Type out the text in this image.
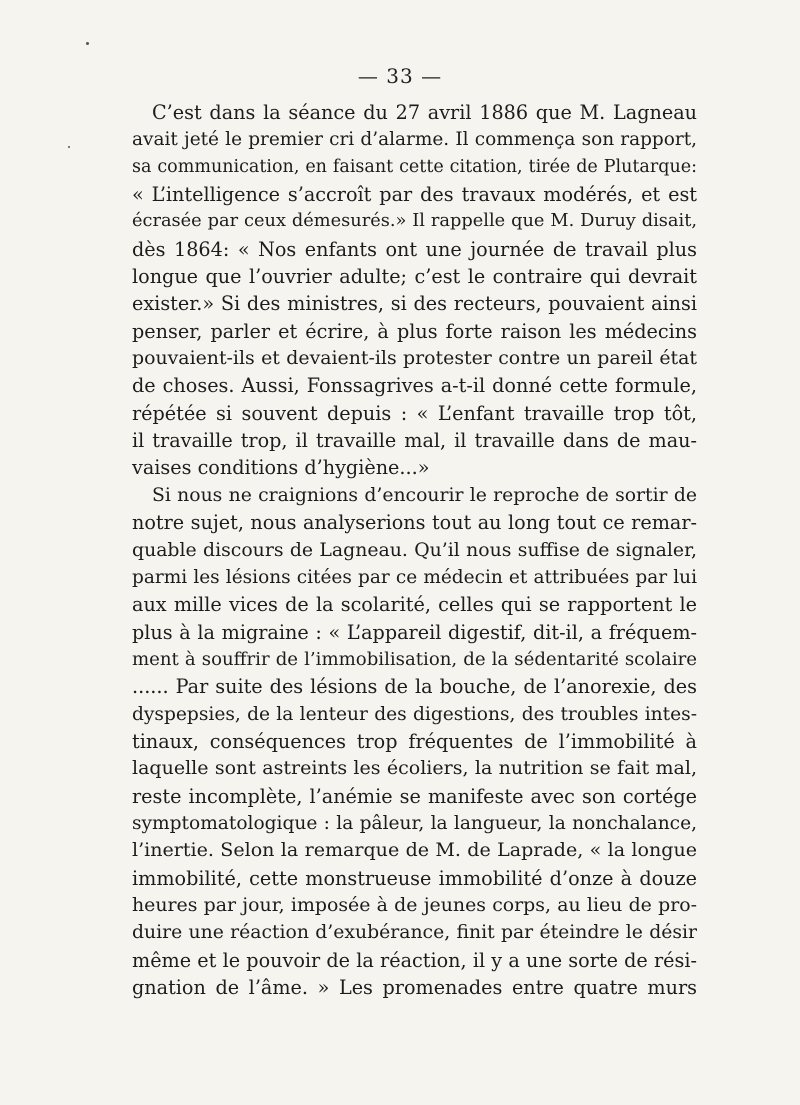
— 33 —
C’est dans la séance du 27 avril 1886 que M. Lagneau
avait jeté le premier cri d’alarme. Il commença son rapport,
sa communication, en faisant cette citation, tirée de Plutarque:
« L’intelligence s’accroît par des travaux modérés, et est
écrasée par ceux démesurés.» Il rappelle que M. Duruy disait,
dès 1864: « Nos enfants ont une journée de travail plus
longue que l’ouvrier adulte; c’est le contraire qui devrait
exister.» Si des ministres, si des recteurs, pouvaient ainsi
penser, parler et écrire, à plus forte raison les médecins
pouvaient-ils et devaient-ils protester contre un pareil état
de choses. Aussi, Fonssagrives a-t-il donné cette formule,
répétée si souvent depuis : « L’enfant travaille trop tôt,
il travaille trop, il travaille mal, il travaille dans de mau-
vaises conditions d’hygiène...»
Si nous ne craignions d’encourir le reproche de sortir de
notre sujet, nous analyserions tout au long tout ce remar-
quable discours de Lagneau. Qu’il nous suffise de signaler,
parmi les lésions citées par ce médecin et attribuées par lui
aux mille vices de la scolarité, celles qui se rapportent le
plus à la migraine : « L’appareil digestif, dit-il, a fréquem-
ment à souffrir de l’immobilisation, de la sédentarité scolaire
...... Par suite des lésions de la bouche, de l’anorexie, des
dyspepsies, de la lenteur des digestions, des troubles intes-
tinaux, conséquences trop fréquentes de l’immobilité à
laquelle sont astreints les écoliers, la nutrition se fait mal,
reste incomplète, l’anémie se manifeste avec son cortége
symptomatologique : la pâleur, la langueur, la nonchalance,
l’inertie. Selon la remarque de M. de Laprade, « la longue
immobilité, cette monstrueuse immobilité d’onze à douze
heures par jour, imposée à de jeunes corps, au lieu de pro-
duire une réaction d’exubérance, finit par éteindre le désir
même et le pouvoir de la réaction, il y a une sorte de rési-
gnation de l’âme. » Les promenades entre quatre murs
